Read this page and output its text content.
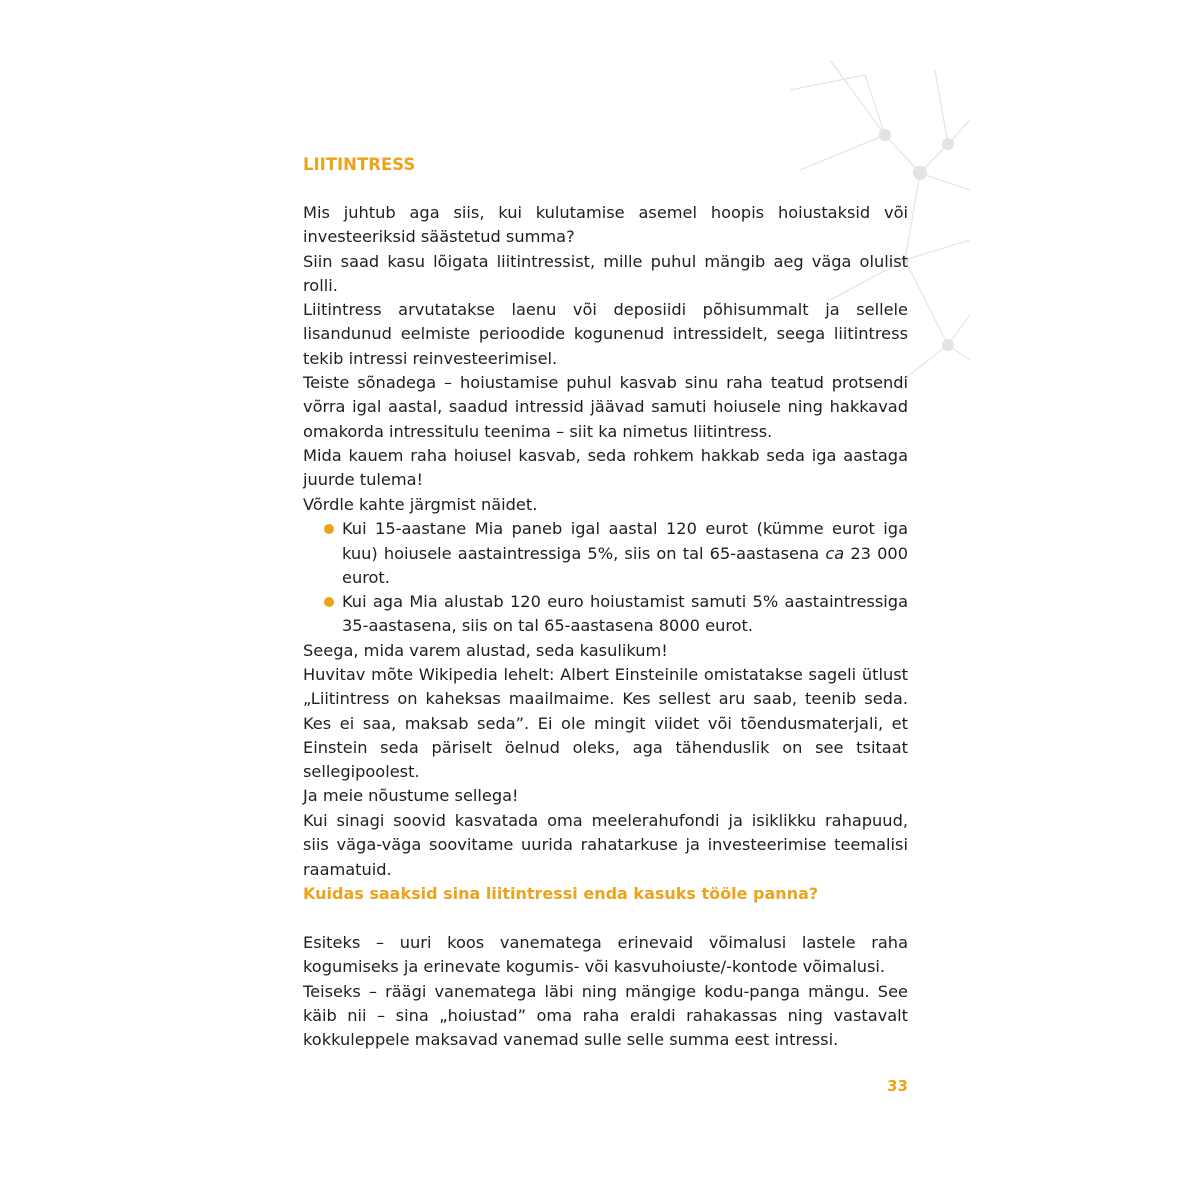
LIITINTRESS

Mis juhtub aga siis, kui kulutamise asemel hoopis hoiustaksid või investeeriksid säästetud summa?

Siin saad kasu lõigata liitintressist, mille puhul mängib aeg väga olulist rolli.

Liitintress arvutatakse laenu või deposiidi põhisummalt ja sellele lisandunud eelmiste perioodide kogunenud intressidelt, seega liitintress tekib intressi reinvesteerimisel.

Teiste sõnadega – hoiustamise puhul kasvab sinu raha teatud protsendi võrra igal aastal, saadud intressid jäävad samuti hoiusele ning hakkavad omakorda intressitulu teenima – siit ka nimetus liitintress.

Mida kauem raha hoiusel kasvab, seda rohkem hakkab seda iga aastaga juurde tulema!

Võrdle kahte järgmist näidet.

Kui 15-aastane Mia paneb igal aastal 120 eurot (kümme eurot iga kuu) hoiusele aastaintressiga 5%, siis on tal 65-aastasena ca 23 000 eurot.
Kui aga Mia alustab 120 euro hoiustamist samuti 5% aastaintressiga 35-aastasena, siis on tal 65-aastasena 8000 eurot.

Seega, mida varem alustad, seda kasulikum!

Huvitav mõte Wikipedia lehelt: Albert Einsteinile omistatakse sageli ütlust „Liitintress on kaheksas maailmaime. Kes sellest aru saab, teenib seda. Kes ei saa, maksab seda”. Ei ole mingit viidet või tõendusmaterjali, et Einstein seda päriselt öelnud oleks, aga tähenduslik on see tsitaat sellegipoolest.

Ja meie nõustume sellega!

Kui sinagi soovid kasvatada oma meelerahufondi ja isiklikku rahapuud, siis väga-väga soovitame uurida rahatarkuse ja investeerimise teemalisi raamatuid.

Kuidas saaksid sina liitintressi enda kasuks tööle panna?

Esiteks – uuri koos vanematega erinevaid võimalusi lastele raha kogumiseks ja erinevate kogumis- või kasvuhoiuste/-kontode võimalusi.

Teiseks – räägi vanematega läbi ning mängige kodu-panga mängu. See käib nii – sina „hoiustad” oma raha eraldi rahakassas ning vastavalt kokkuleppele maksavad vanemad sulle selle summa eest intressi.

33
